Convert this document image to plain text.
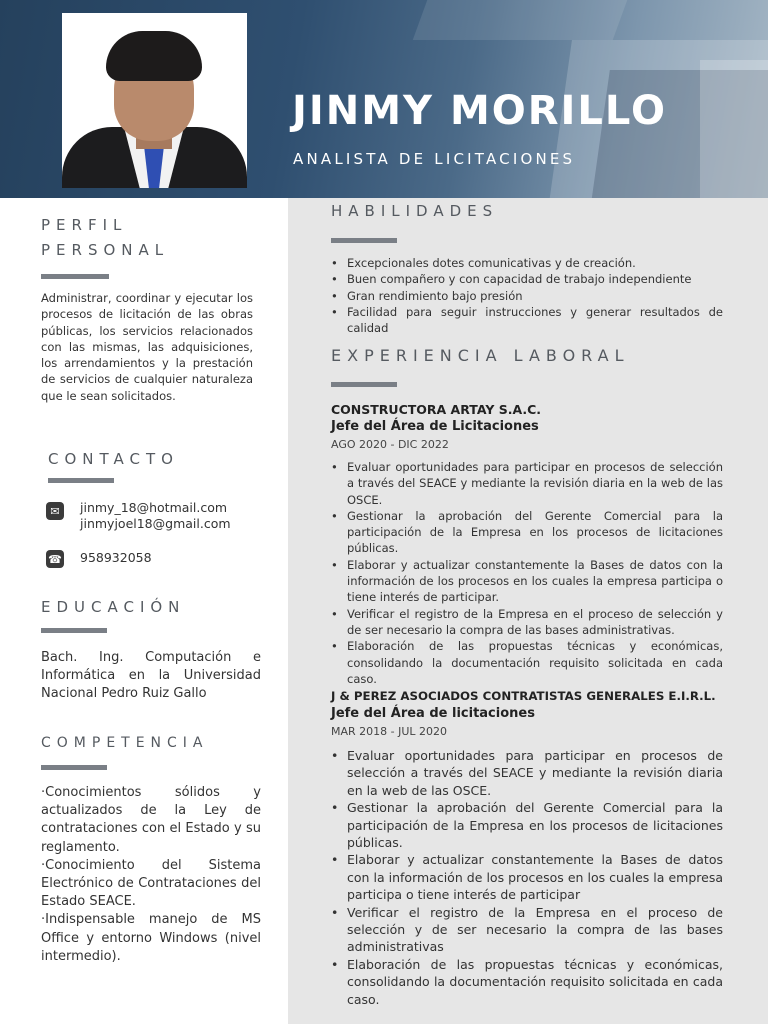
JINMY MORILLO
ANALISTA DE LICITACIONES
PERFIL
PERSONAL
Administrar, coordinar y ejecutar los procesos de licitación de las obras públicas, los servicios relacionados con las mismas, las adquisiciones, los arrendamientos y la prestación de servicios de cualquier naturaleza que le sean solicitados.
CONTACTO
✉	jinmy_18@hotmail.com
jinmyjoel18@gmail.com
☎ 958932058
EDUCACIÓN
Bach. Ing. Computación e Informática en la Universidad Nacional Pedro Ruiz Gallo
COMPETENCIA
·Conocimientos sólidos y actualizados de la Ley de contrataciones con el Estado y su reglamento.
·Conocimiento del Sistema Electrónico de Contrataciones del Estado SEACE.
·Indispensable manejo de MS Office y entorno Windows (nivel intermedio).
HABILIDADES
• Excepcionales dotes comunicativas y de creación.
• Buen compañero y con capacidad de trabajo independiente
• Gran rendimiento bajo presión
• Facilidad para seguir instrucciones y generar resultados de calidad
EXPERIENCIA LABORAL
CONSTRUCTORA ARTAY S.A.C.
Jefe del Área de Licitaciones
AGO 2020 - DIC 2022
• Evaluar oportunidades para participar en procesos de selección a través del SEACE y mediante la revisión diaria en la web de las OSCE.
• Gestionar la aprobación del Gerente Comercial para la participación de la Empresa en los procesos de licitaciones públicas.
• Elaborar y actualizar constantemente la Bases de datos con la información de los procesos en los cuales la empresa participa o tiene interés de participar.
• Verificar el registro de la Empresa en el proceso de selección y de ser necesario la compra de las bases administrativas.
• Elaboración de las propuestas técnicas y económicas, consolidando la documentación requisito solicitada en cada caso.
J & PEREZ ASOCIADOS CONTRATISTAS GENERALES E.I.R.L.
Jefe del Área de licitaciones
MAR 2018 - JUL 2020
• Evaluar oportunidades para participar en procesos de selección a través del SEACE y mediante la revisión diaria en la web de las OSCE.
• Gestionar la aprobación del Gerente Comercial para la participación de la Empresa en los procesos de licitaciones públicas.
• Elaborar y actualizar constantemente la Bases de datos con la información de los procesos en los cuales la empresa participa o tiene interés de participar
• Verificar el registro de la Empresa en el proceso de selección y de ser necesario la compra de las bases administrativas
• Elaboración de las propuestas técnicas y económicas, consolidando la documentación requisito solicitada en cada caso.
